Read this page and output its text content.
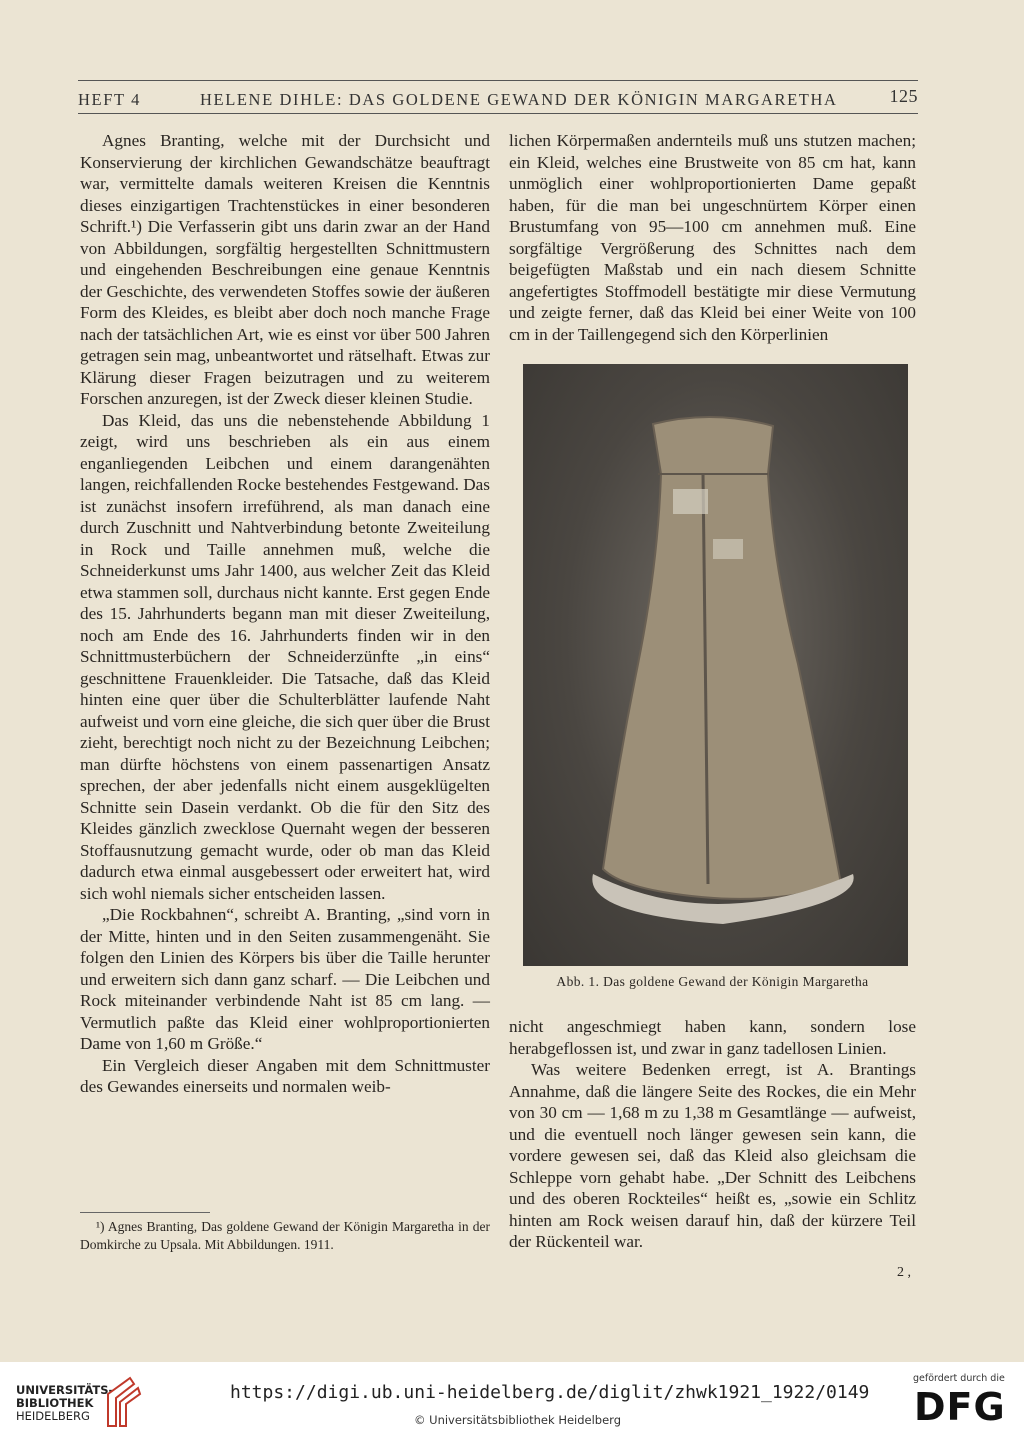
HEFT 4	HELENE DIHLE: DAS GOLDENE GEWAND DER KÖNIGIN MARGARETHA	125

Agnes Branting, welche mit der Durchsicht und Konservierung der kirchlichen Gewandschätze beauftragt war, vermittelte damals weiteren Kreisen die Kenntnis dieses einzigartigen Trachtenstückes in einer besonderen Schrift.¹) Die Verfasserin gibt uns darin zwar an der Hand von Abbildungen, sorgfältig hergestellten Schnittmustern und eingehenden Beschreibungen eine genaue Kenntnis der Geschichte, des verwendeten Stoffes sowie der äußeren Form des Kleides, es bleibt aber doch noch manche Frage nach der tatsächlichen Art, wie es einst vor über 500 Jahren getragen sein mag, unbeantwortet und rätselhaft. Etwas zur Klärung dieser Fragen beizutragen und zu weiterem Forschen anzuregen, ist der Zweck dieser kleinen Studie.

Das Kleid, das uns die nebenstehende Abbildung 1 zeigt, wird uns beschrieben als ein aus einem enganliegenden Leibchen und einem darangenähten langen, reichfallenden Rocke bestehendes Festgewand. Das ist zunächst insofern irreführend, als man danach eine durch Zuschnitt und Nahtverbindung betonte Zweiteilung in Rock und Taille annehmen muß, welche die Schneiderkunst ums Jahr 1400, aus welcher Zeit das Kleid etwa stammen soll, durchaus nicht kannte. Erst gegen Ende des 15. Jahrhunderts begann man mit dieser Zweiteilung, noch am Ende des 16. Jahrhunderts finden wir in den Schnittmusterbüchern der Schneiderzünfte „in eins“ geschnittene Frauenkleider. Die Tatsache, daß das Kleid hinten eine quer über die Schulterblätter laufende Naht aufweist und vorn eine gleiche, die sich quer über die Brust zieht, berechtigt noch nicht zu der Bezeichnung Leibchen; man dürfte höchstens von einem passenartigen Ansatz sprechen, der aber jedenfalls nicht einem ausgeklügelten Schnitte sein Dasein verdankt. Ob die für den Sitz des Kleides gänzlich zwecklose Quernaht wegen der besseren Stoffausnutzung gemacht wurde, oder ob man das Kleid dadurch etwa einmal ausgebessert oder erweitert hat, wird sich wohl niemals sicher entscheiden lassen.

„Die Rockbahnen“, schreibt A. Branting, „sind vorn in der Mitte, hinten und in den Seiten zusammengenäht. Sie folgen den Linien des Körpers bis über die Taille herunter und erweitern sich dann ganz scharf. — Die Leibchen und Rock miteinander verbindende Naht ist 85 cm lang. — Vermutlich paßte das Kleid einer wohlproportionierten Dame von 1,60 m Größe.“

Ein Vergleich dieser Angaben mit dem Schnittmuster des Gewandes einerseits und normalen weib-

¹) Agnes Branting, Das goldene Gewand der Königin Margaretha in der Domkirche zu Upsala. Mit Abbildungen. 1911.

lichen Körpermaßen andernteils muß uns stutzen machen; ein Kleid, welches eine Brustweite von 85 cm hat, kann unmöglich einer wohlproportionierten Dame gepaßt haben, für die man bei ungeschnürtem Körper einen Brustumfang von 95—100 cm annehmen muß. Eine sorgfältige Vergrößerung des Schnittes nach dem beigefügten Maßstab und ein nach diesem Schnitte angefertigtes Stoffmodell bestätigte mir diese Vermutung und zeigte ferner, daß das Kleid bei einer Weite von 100 cm in der Taillengegend sich den Körperlinien

Abb. 1. Das goldene Gewand der Königin Margaretha

nicht angeschmiegt haben kann, sondern lose herabgeflossen ist, und zwar in ganz tadellosen Linien.

Was weitere Bedenken erregt, ist A. Brantings Annahme, daß die längere Seite des Rockes, die ein Mehr von 30 cm — 1,68 m zu 1,38 m Gesamtlänge — aufweist, und die eventuell noch länger gewesen sein kann, die vordere gewesen sei, daß das Kleid also gleichsam die Schleppe vorn gehabt habe. „Der Schnitt des Leibchens und des oberen Rockteiles“ heißt es, „sowie ein Schlitz hinten am Rock weisen darauf hin, daß der kürzere Teil der Rückenteil war.

2 ,
UNIVERSITÄTS-
BIBLIOTHEK
HEIDELBERG
https://digi.ub.uni-heidelberg.de/diglit/zhwk1921_1922/0149
© Universitätsbibliothek Heidelberg
gefördert durch die
DFG
